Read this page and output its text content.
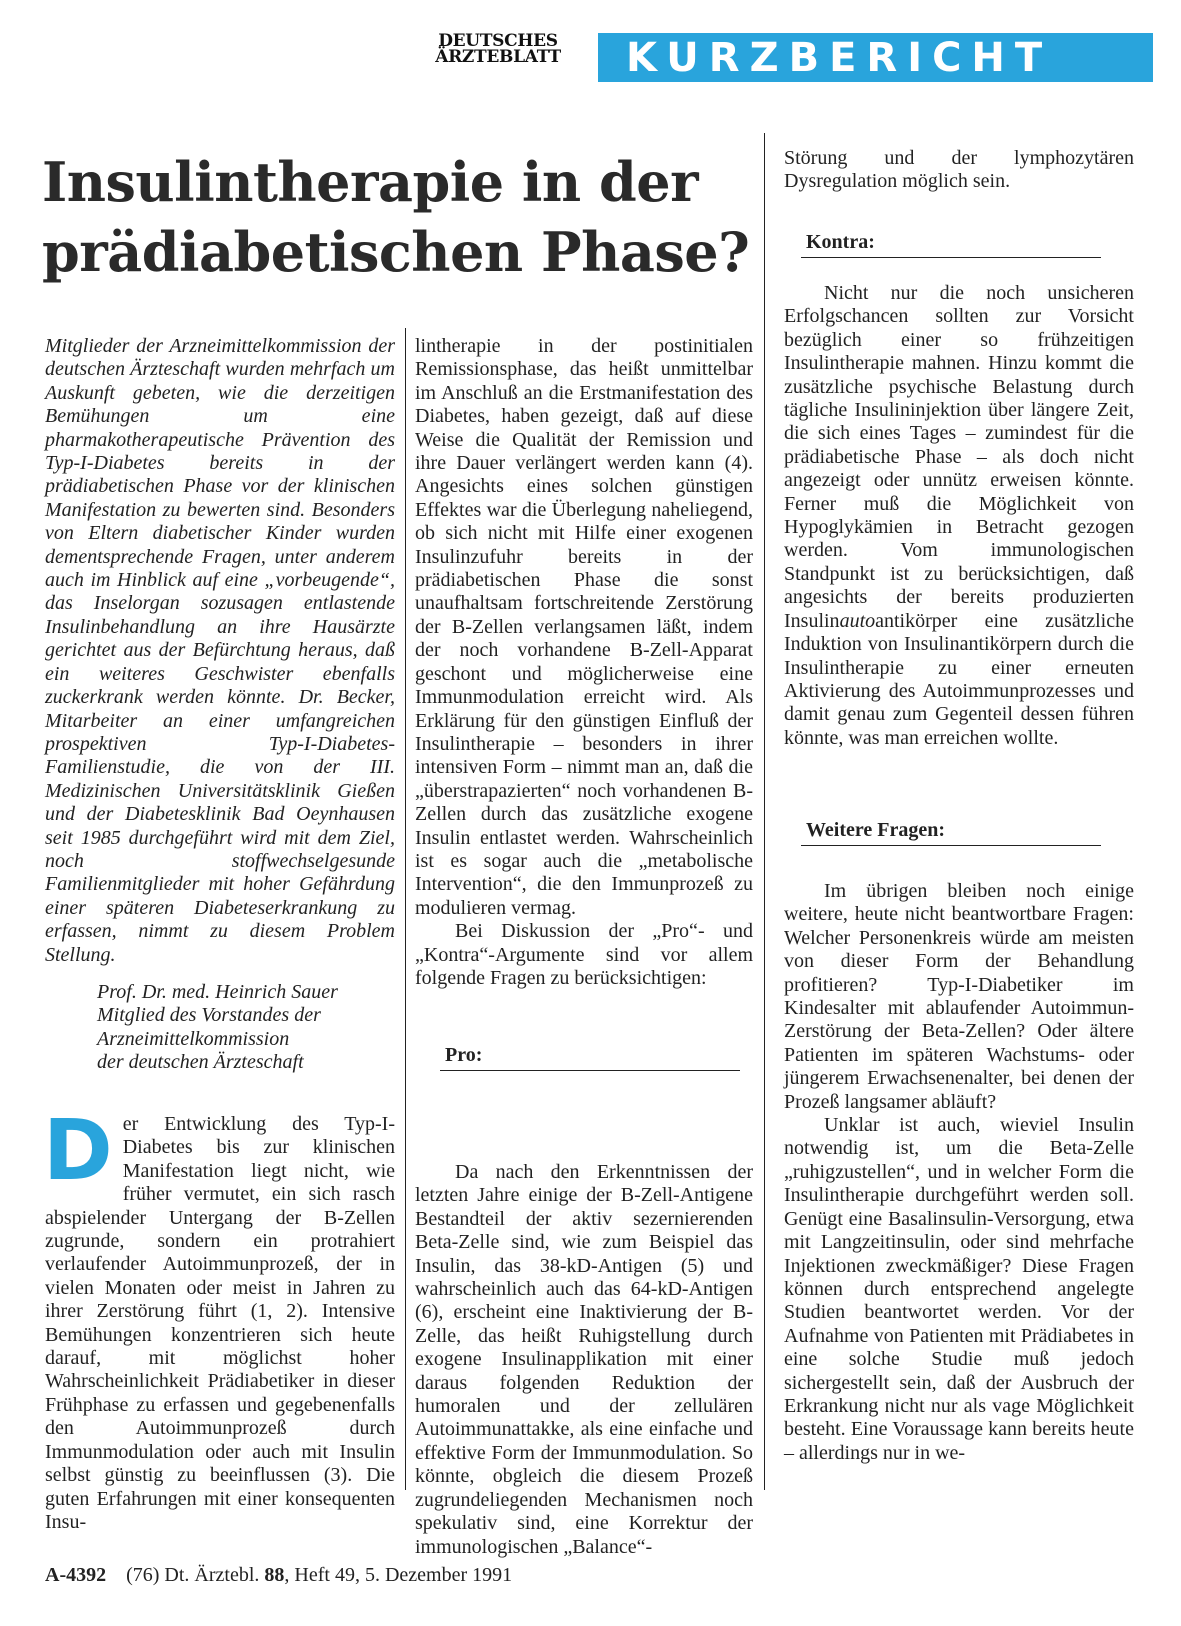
DEUTSCHES
ÄRZTEBLATT	KURZBERICHT
Insulintherapie in der
prädiabetischen Phase?

Mitglieder der Arzneimittelkommission der deutschen Ärzteschaft wurden mehrfach um Auskunft gebeten, wie die derzeitigen Bemühungen um eine pharmakotherapeutische Prävention des Typ-I-Diabetes bereits in der prädiabetischen Phase vor der klinischen Manifestation zu bewerten sind. Besonders von Eltern diabetischer Kinder wurden dementsprechende Fragen, unter anderem auch im Hinblick auf eine „vorbeugende“, das Inselorgan sozusagen entlastende Insulinbehandlung an ihre Hausärzte gerichtet aus der Befürchtung heraus, daß ein weiteres Geschwister ebenfalls zuckerkrank werden könnte. Dr. Becker, Mitarbeiter an einer umfangreichen prospektiven Typ-I-Diabetes-Familienstudie, die von der III. Medizinischen Universitätsklinik Gießen und der Diabetesklinik Bad Oeynhausen seit 1985 durchgeführt wird mit dem Ziel, noch stoffwechselgesunde Familienmitglieder mit hoher Gefährdung einer späteren Diabeteserkrankung zu erfassen, nimmt zu diesem Problem Stellung.

Prof. Dr. med. Heinrich Sauer
Mitglied des Vorstandes der
Arzneimittelkommission
der deutschen Ärzteschaft

Der Entwicklung des Typ-I-Diabetes bis zur klinischen Manifestation liegt nicht, wie früher vermutet, ein sich rasch abspielender Untergang der B-Zellen zugrunde, sondern ein protrahiert verlaufender Autoimmunprozeß, der in vielen Monaten oder meist in Jahren zu ihrer Zerstörung führt (1, 2). Intensive Bemühungen konzentrieren sich heute darauf, mit möglichst hoher Wahrscheinlichkeit Prädiabetiker in dieser Frühphase zu erfassen und gegebenenfalls den Autoimmunprozeß durch Immunmodulation oder auch mit Insulin selbst günstig zu beeinflussen (3). Die guten Erfahrungen mit einer konsequenten Insu-

lintherapie in der postinitialen Remissionsphase, das heißt unmittelbar im Anschluß an die Erstmanifestation des Diabetes, haben gezeigt, daß auf diese Weise die Qualität der Remission und ihre Dauer verlängert werden kann (4). Angesichts eines solchen günstigen Effektes war die Überlegung naheliegend, ob sich nicht mit Hilfe einer exogenen Insulinzufuhr bereits in der prädiabetischen Phase die sonst unaufhaltsam fortschreitende Zerstörung der B-Zellen verlangsamen läßt, indem der noch vorhandene B-Zell-Apparat geschont und möglicherweise eine Immunmodulation erreicht wird. Als Erklärung für den günstigen Einfluß der Insulintherapie – besonders in ihrer intensiven Form – nimmt man an, daß die „überstrapazierten“ noch vorhandenen B-Zellen durch das zusätzliche exogene Insulin entlastet werden. Wahrscheinlich ist es sogar auch die „metabolische Intervention“, die den Immunprozeß zu modulieren vermag.

Bei Diskussion der „Pro“- und „Kontra“-Argumente sind vor allem folgende Fragen zu berücksichtigen:

Pro:

Da nach den Erkenntnissen der letzten Jahre einige der B-Zell-Antigene Bestandteil der aktiv sezernierenden Beta-Zelle sind, wie zum Beispiel das Insulin, das 38-kD-Antigen (5) und wahrscheinlich auch das 64-kD-Antigen (6), erscheint eine Inaktivierung der B-Zelle, das heißt Ruhigstellung durch exogene Insulinapplikation mit einer daraus folgenden Reduktion der humoralen und der zellulären Autoimmunattakke, als eine einfache und effektive Form der Immunmodulation. So könnte, obgleich die diesem Prozeß zugrundeliegenden Mechanismen noch spekulativ sind, eine Korrektur der immunologischen „Balance“-

Störung und der lymphozytären Dysregulation möglich sein.

Kontra:

Nicht nur die noch unsicheren Erfolgschancen sollten zur Vorsicht bezüglich einer so frühzeitigen Insulintherapie mahnen. Hinzu kommt die zusätzliche psychische Belastung durch tägliche Insulininjektion über längere Zeit, die sich eines Tages – zumindest für die prädiabetische Phase – als doch nicht angezeigt oder unnütz erweisen könnte. Ferner muß die Möglichkeit von Hypoglykämien in Betracht gezogen werden. Vom immunologischen Standpunkt ist zu berücksichtigen, daß angesichts der bereits produzierten Insulinautoantikörper eine zusätzliche Induktion von Insulinantikörpern durch die Insulintherapie zu einer erneuten Aktivierung des Autoimmunprozesses und damit genau zum Gegenteil dessen führen könnte, was man erreichen wollte.

Weitere Fragen:

Im übrigen bleiben noch einige weitere, heute nicht beantwortbare Fragen: Welcher Personenkreis würde am meisten von dieser Form der Behandlung profitieren? Typ-I-Diabetiker im Kindesalter mit ablaufender Autoimmun-Zerstörung der Beta-Zellen? Oder ältere Patienten im späteren Wachstums- oder jüngerem Erwachsenenalter, bei denen der Prozeß langsamer abläuft?

Unklar ist auch, wieviel Insulin notwendig ist, um die Beta-Zelle „ruhigzustellen“, und in welcher Form die Insulintherapie durchgeführt werden soll. Genügt eine Basalinsulin-Versorgung, etwa mit Langzeitinsulin, oder sind mehrfache Injektionen zweckmäßiger? Diese Fragen können durch entsprechend angelegte Studien beantwortet werden. Vor der Aufnahme von Patienten mit Prädiabetes in eine solche Studie muß jedoch sichergestellt sein, daß der Ausbruch der Erkrankung nicht nur als vage Möglichkeit besteht. Eine Voraussage kann bereits heute – allerdings nur in we-

A-4392 (76) Dt. Ärztebl. 88, Heft 49, 5. Dezember 1991
